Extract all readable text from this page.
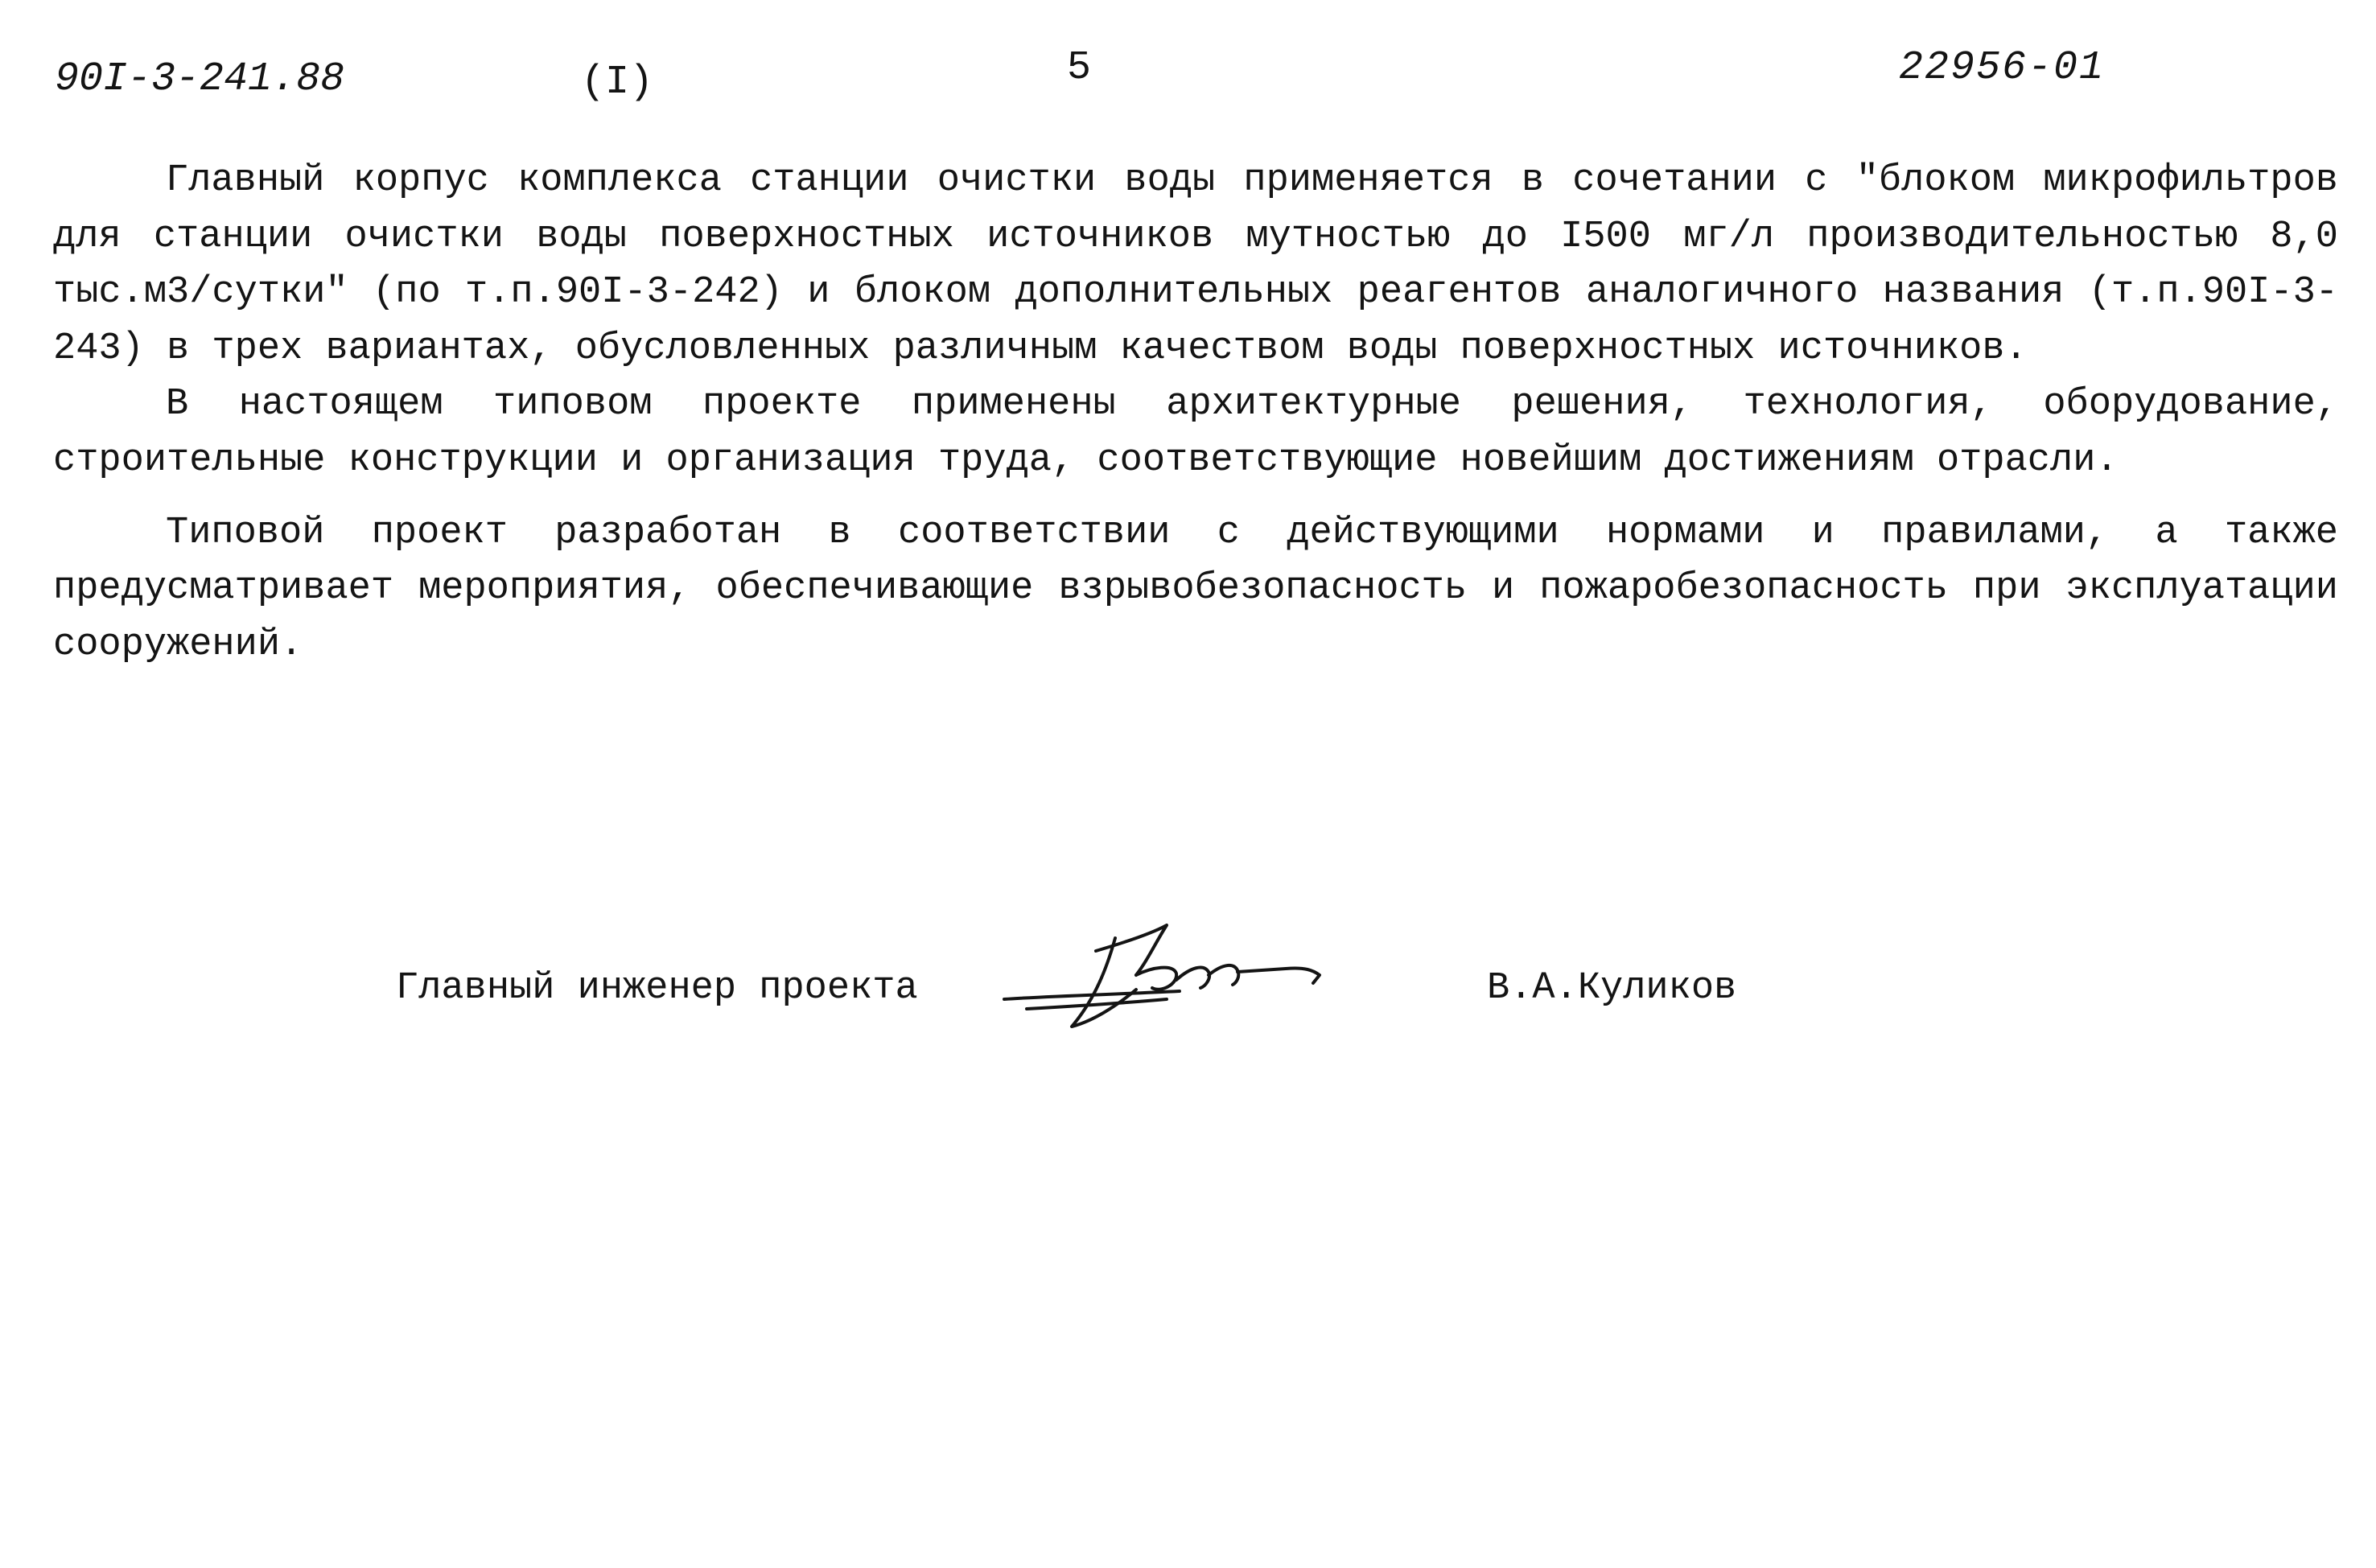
90I-3-241.88	(I)	5	22956-01

Главный корпус комплекса станции очистки воды применяется в сочетании с "блоком микрофильтров для станции очистки воды поверхностных источников мутностью до I500 мг/л производительностью 8,0 тыс.м3/сутки" (по т.п.90I-3-242) и блоком дополнительных реагентов аналогичного названия (т.п.90I-3-243) в трех вариантах, обусловленных различным качеством воды поверхностных источников.

В настоящем типовом проекте применены архитектурные решения, технология, оборудование, строительные конструкции и организация труда, соответствующие новейшим достижениям отрасли.

Типовой проект разработан в соответствии с действующими нормами и правилами, а также предусматривает мероприятия, обеспечивающие взрывобезопасность и пожаробезопасность при эксплуатации сооружений.

Главный инженер проекта	В.А.Куликов
